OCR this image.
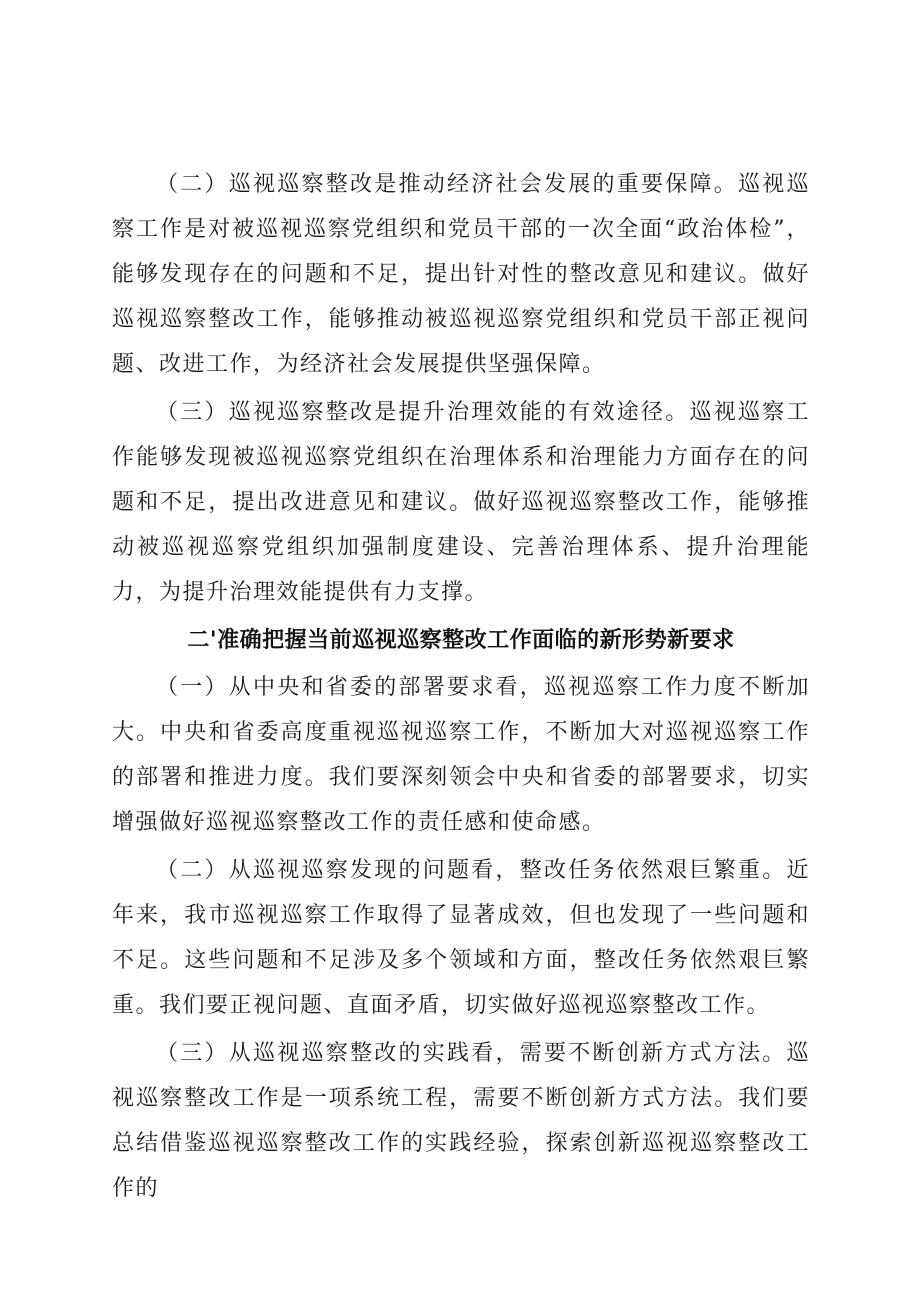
（二）巡视巡察整改是推动经济社会发展的重要保障。巡视巡察工作是对被巡视巡察党组织和党员干部的一次全面“政治体检”，能够发现存在的问题和不足，提出针对性的整改意见和建议。做好巡视巡察整改工作，能够推动被巡视巡察党组织和党员干部正视问题、改进工作，为经济社会发展提供坚强保障。

（三）巡视巡察整改是提升治理效能的有效途径。巡视巡察工作能够发现被巡视巡察党组织在治理体系和治理能力方面存在的问题和不足，提出改进意见和建议。做好巡视巡察整改工作，能够推动被巡视巡察党组织加强制度建设、完善治理体系、提升治理能力，为提升治理效能提供有力支撑。

二'准确把握当前巡视巡察整改工作面临的新形势新要求

（一）从中央和省委的部署要求看，巡视巡察工作力度不断加大。中央和省委高度重视巡视巡察工作，不断加大对巡视巡察工作的部署和推进力度。我们要深刻领会中央和省委的部署要求，切实增强做好巡视巡察整改工作的责任感和使命感。

（二）从巡视巡察发现的问题看，整改任务依然艰巨繁重。近年来，我市巡视巡察工作取得了显著成效，但也发现了一些问题和不足。这些问题和不足涉及多个领域和方面，整改任务依然艰巨繁重。我们要正视问题、直面矛盾，切实做好巡视巡察整改工作。

（三）从巡视巡察整改的实践看，需要不断创新方式方法。巡视巡察整改工作是一项系统工程，需要不断创新方式方法。我们要总结借鉴巡视巡察整改工作的实践经验，探索创新巡视巡察整改工作的
